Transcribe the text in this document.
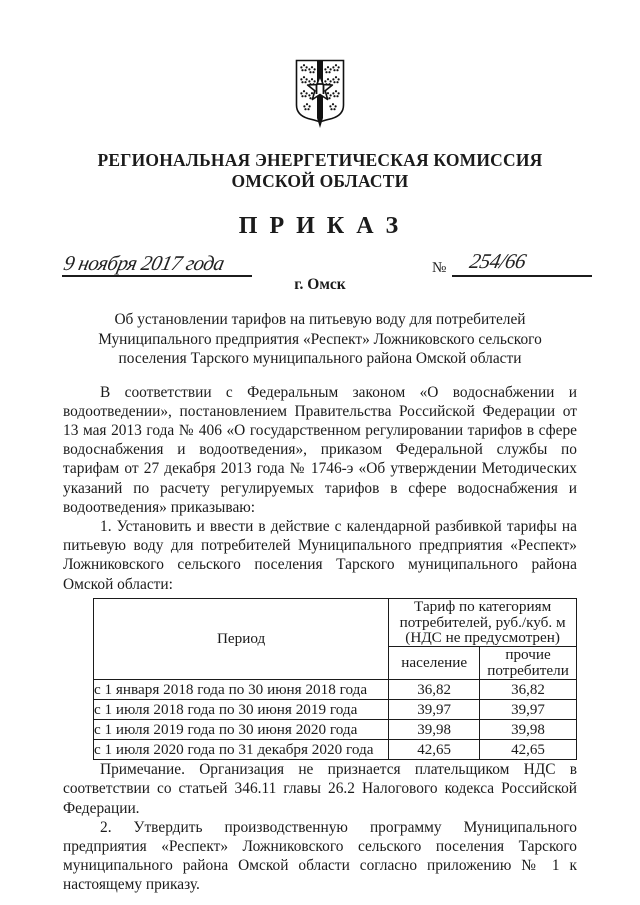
РЕГИОНАЛЬНАЯ ЭНЕРГЕТИЧЕСКАЯ КОМИССИЯ
ОМСКОЙ ОБЛАСТИ
П Р И К А З
9 ноября 2017 года	№ 254/66
г. Омск
Об установлении тарифов на питьевую воду для потребителей
Муниципального предприятия «Респект» Ложниковского сельского
поселения Тарского муниципального района Омской области

В соответствии с Федеральным законом «О водоснабжении и водоотведении», постановлением Правительства Российской Федерации от 13 мая 2013 года № 406 «О государственном регулировании тарифов в сфере водоснабжения и водоотведения», приказом Федеральной службы по тарифам от 27 декабря 2013 года № 1746-э «Об утверждении Методических указаний по расчету регулируемых тарифов в сфере водоснабжения и водоотведения» приказываю:

1. Установить и ввести в действие с календарной разбивкой тарифы на питьевую воду для потребителей Муниципального предприятия «Респект» Ложниковского сельского поселения Тарского муниципального района Омской области:

Период	Тариф по категориям потребителей, руб./куб. м (НДС не предусмотрен)	
	население	прочие потребители
с 1 января 2018 года по 30 июня 2018 года	36,82	36,82
с 1 июля 2018 года по 30 июня 2019 года	39,97	39,97
с 1 июля 2019 года по 30 июня 2020 года	39,98	39,98
с 1 июля 2020 года по 31 декабря 2020 года	42,65	42,65

Примечание. Организация не признается плательщиком НДС в соответствии со статьей 346.11 главы 26.2 Налогового кодекса Российской Федерации.

2. Утвердить производственную программу Муниципального предприятия «Респект» Ложниковского сельского поселения Тарского муниципального района Омской области согласно приложению № 1 к настоящему приказу.
